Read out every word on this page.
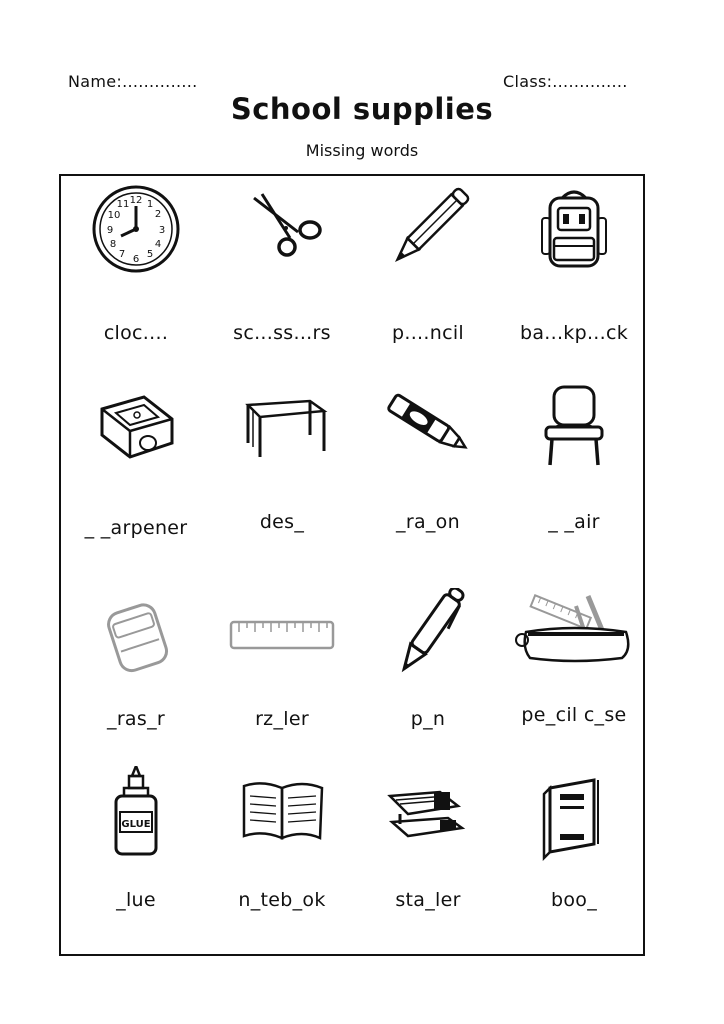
Name:..............	Class:..............
School supplies
Missing words
12 1
2
3
4
5
6
7
8
9
10
11
cloc....	sc...ss...rs	p....ncil	ba...kp...ck
_ _arpener	des_	_ra_on	_ _air
_ras_r	rz_ler	p_n	pe_cil c_se
GLUE
_lue	n_teb_ok	sta_ler	boo_
